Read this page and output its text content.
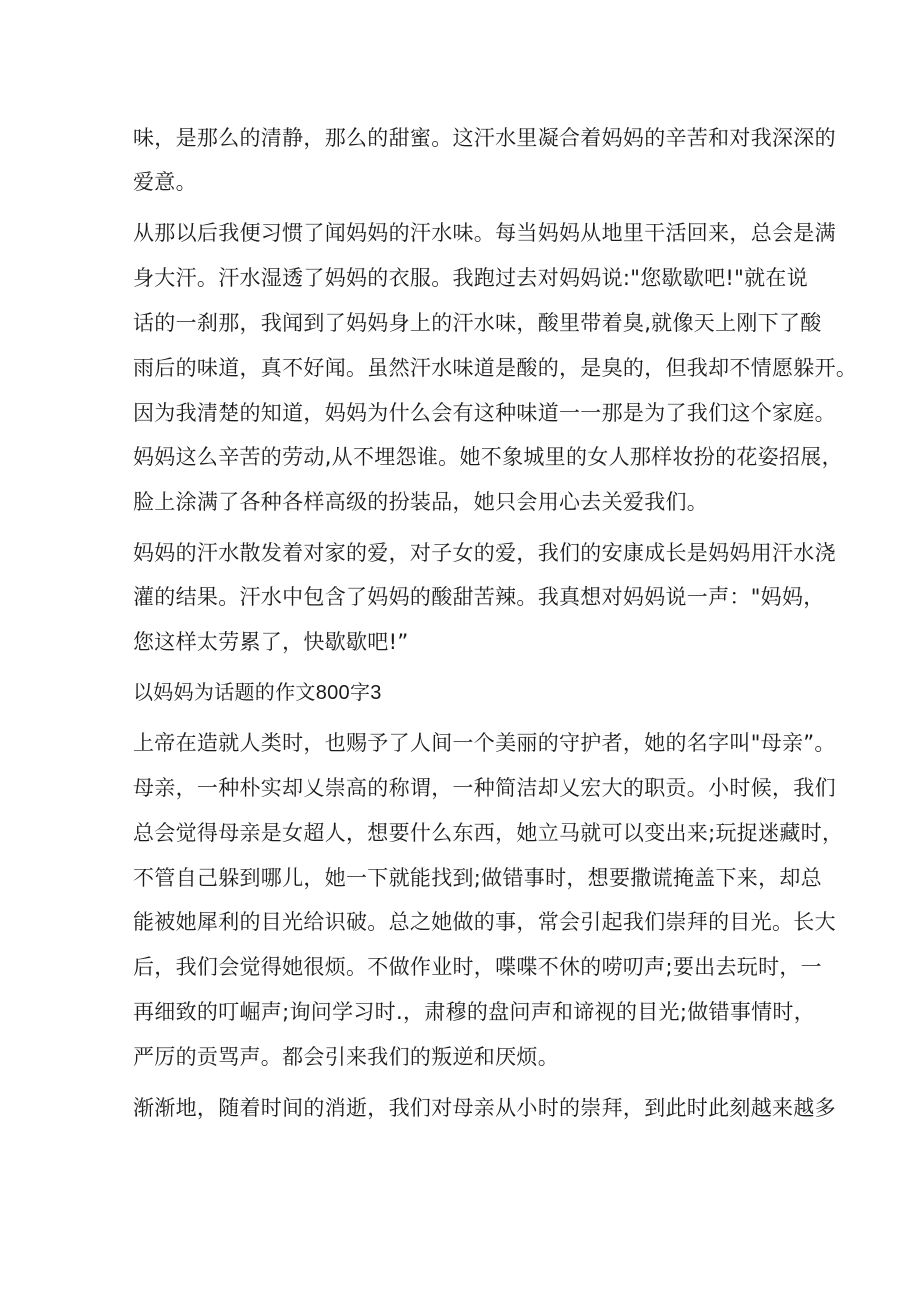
味，是那么的清静，那么的甜蜜。这汗水里凝合着妈妈的辛苦和对我深深的
爱意。
从那以后我便习惯了闻妈妈的汗水味。每当妈妈从地里干活回来，总会是满
身大汗。汗水湿透了妈妈的衣服。我跑过去对妈妈说:"您歇歇吧!"就在说
话的一刹那，我闻到了妈妈身上的汗水味，酸里带着臭,就像天上刚下了酸
雨后的味道，真不好闻。虽然汗水味道是酸的，是臭的，但我却不情愿躲开。
因为我清楚的知道，妈妈为什么会有这种味道一一那是为了我们这个家庭。
妈妈这么辛苦的劳动,从不埋怨谁。她不象城里的女人那样妆扮的花姿招展，
脸上涂满了各种各样高级的扮装品，她只会用心去关爱我们。
妈妈的汗水散发着对家的爱，对子女的爱，我们的安康成长是妈妈用汗水浇
灌的结果。汗水中包含了妈妈的酸甜苦辣。我真想对妈妈说一声："妈妈，
您这样太劳累了，快歇歇吧!”
以妈妈为话题的作文800字3
上帝在造就人类时，也赐予了人间一个美丽的守护者，她的名字叫"母亲”。
母亲，一种朴实却乂崇高的称谓，一种简洁却乂宏大的职贡。小时候，我们
总会觉得母亲是女超人，想要什么东西，她立马就可以变出来;玩捉迷藏时，
不管自己躲到哪儿，她一下就能找到;做错事时，想要撒谎掩盖下来，却总
能被她犀利的目光给识破。总之她做的事，常会引起我们崇拜的目光。长大
后，我们会觉得她很烦。不做作业时，喋喋不休的唠叨声;要出去玩时，一
再细致的叮崛声;询问学习时.，肃穆的盘问声和谛视的目光;做错事情时，
严厉的贡骂声。都会引来我们的叛逆和厌烦。
渐渐地，随着时间的消逝，我们对母亲从小时的崇拜，到此时此刻越来越多
